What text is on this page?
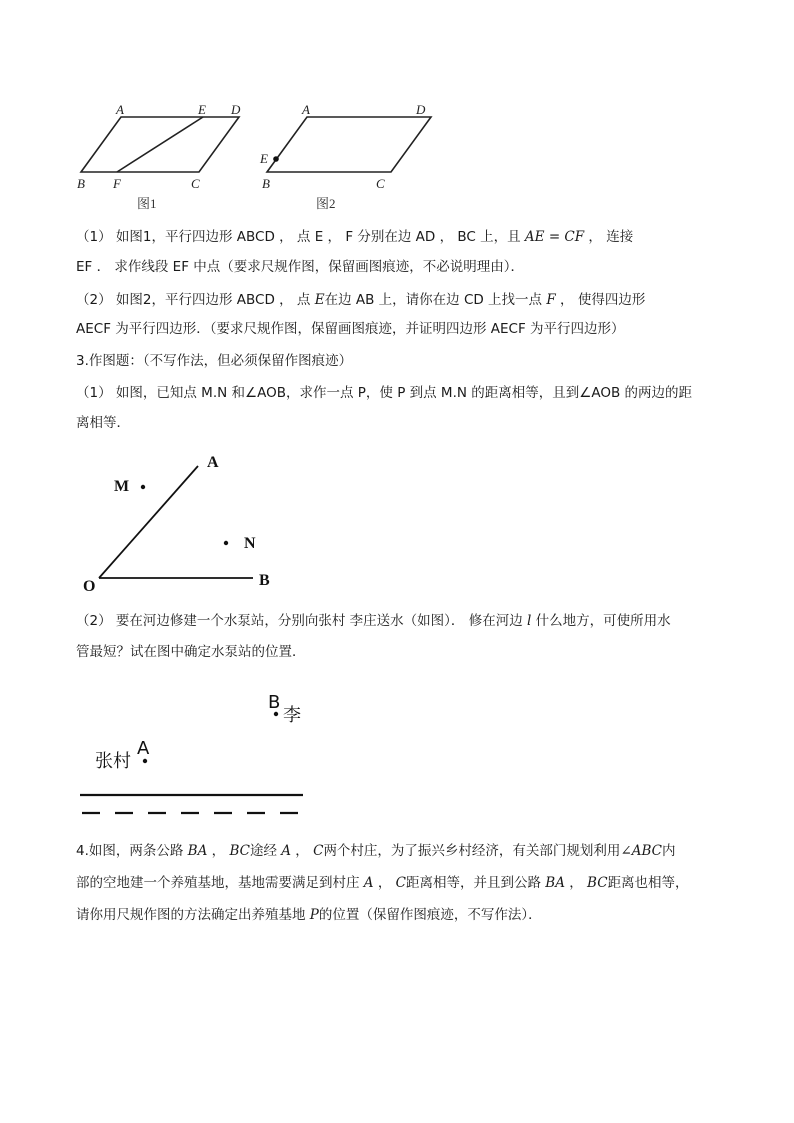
A	E D
B F	C
图1
A	D
E
B	C
图2
A
M
N
O	B
B
李
A
张村
（1） 如图1，平行四边形 ABCD ， 点 E ， F 分别在边 AD ， BC 上，且 AE = CF ， 连接
EF ． 求作线段 EF 中点（要求尺规作图，保留画图痕迹，不必说明理由）．
（2） 如图2，平行四边形 ABCD ， 点 E在边 AB 上，请你在边 CD 上找一点 F ， 使得四边形
AECF 为平行四边形．（要求尺规作图，保留画图痕迹，并证明四边形 AECF 为平行四边形）
3.作图题：（不写作法，但必须保留作图痕迹）
（1） 如图，已知点 M.N 和∠AOB，求作一点 P，使 P 到点 M.N 的距离相等，且到∠AOB 的两边的距
离相等．
（2） 要在河边修建一个水泵站，分别向张村 李庄送水（如图）． 修在河边 l 什么地方，可使所用水
管最短？试在图中确定水泵站的位置．
4.如图，两条公路 BA ， BC途经 A ， C两个村庄，为了振兴乡村经济，有关部门规划利用∠ABC内
部的空地建一个养殖基地，基地需要满足到村庄 A ， C距离相等，并且到公路 BA ， BC距离也相等，
请你用尺规作图的方法确定出养殖基地 P的位置（保留作图痕迹，不写作法）．
